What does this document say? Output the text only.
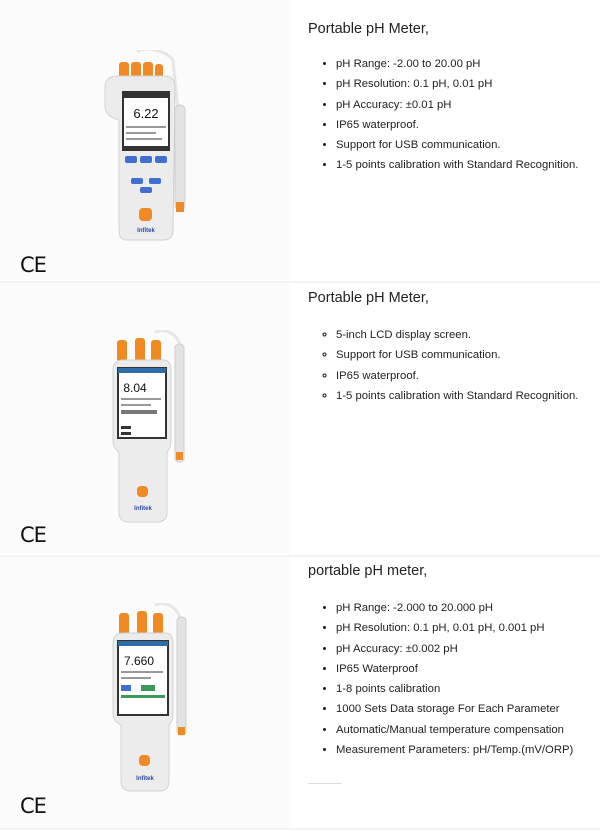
6.22
Infitek
CE
Portable pH Meter,
• pH Range: -2.00 to 20.00 pH
• pH Resolution: 0.1 pH, 0.01 pH
• pH Accuracy: ±0.01 pH
• IP65 waterproof.
• Support for USB communication.
• 1-5 points calibration with Standard Recognition.
8.04
Infitek
CE
Portable pH Meter,
◦ 5-inch LCD display screen.
◦ Support for USB communication.
◦ IP65 waterproof.
◦ 1-5 points calibration with Standard Recognition.
7.660
Infitek
CE
portable pH meter,
• pH Range: -2.000 to 20.000 pH
• pH Resolution: 0.1 pH, 0.01 pH, 0.001 pH
• pH Accuracy: ±0.002 pH
• IP65 Waterproof
• 1-8 points calibration
• 1000 Sets Data storage For Each Parameter
• Automatic/Manual temperature compensation
• Measurement Parameters: pH/Temp.(mV/ORP)
